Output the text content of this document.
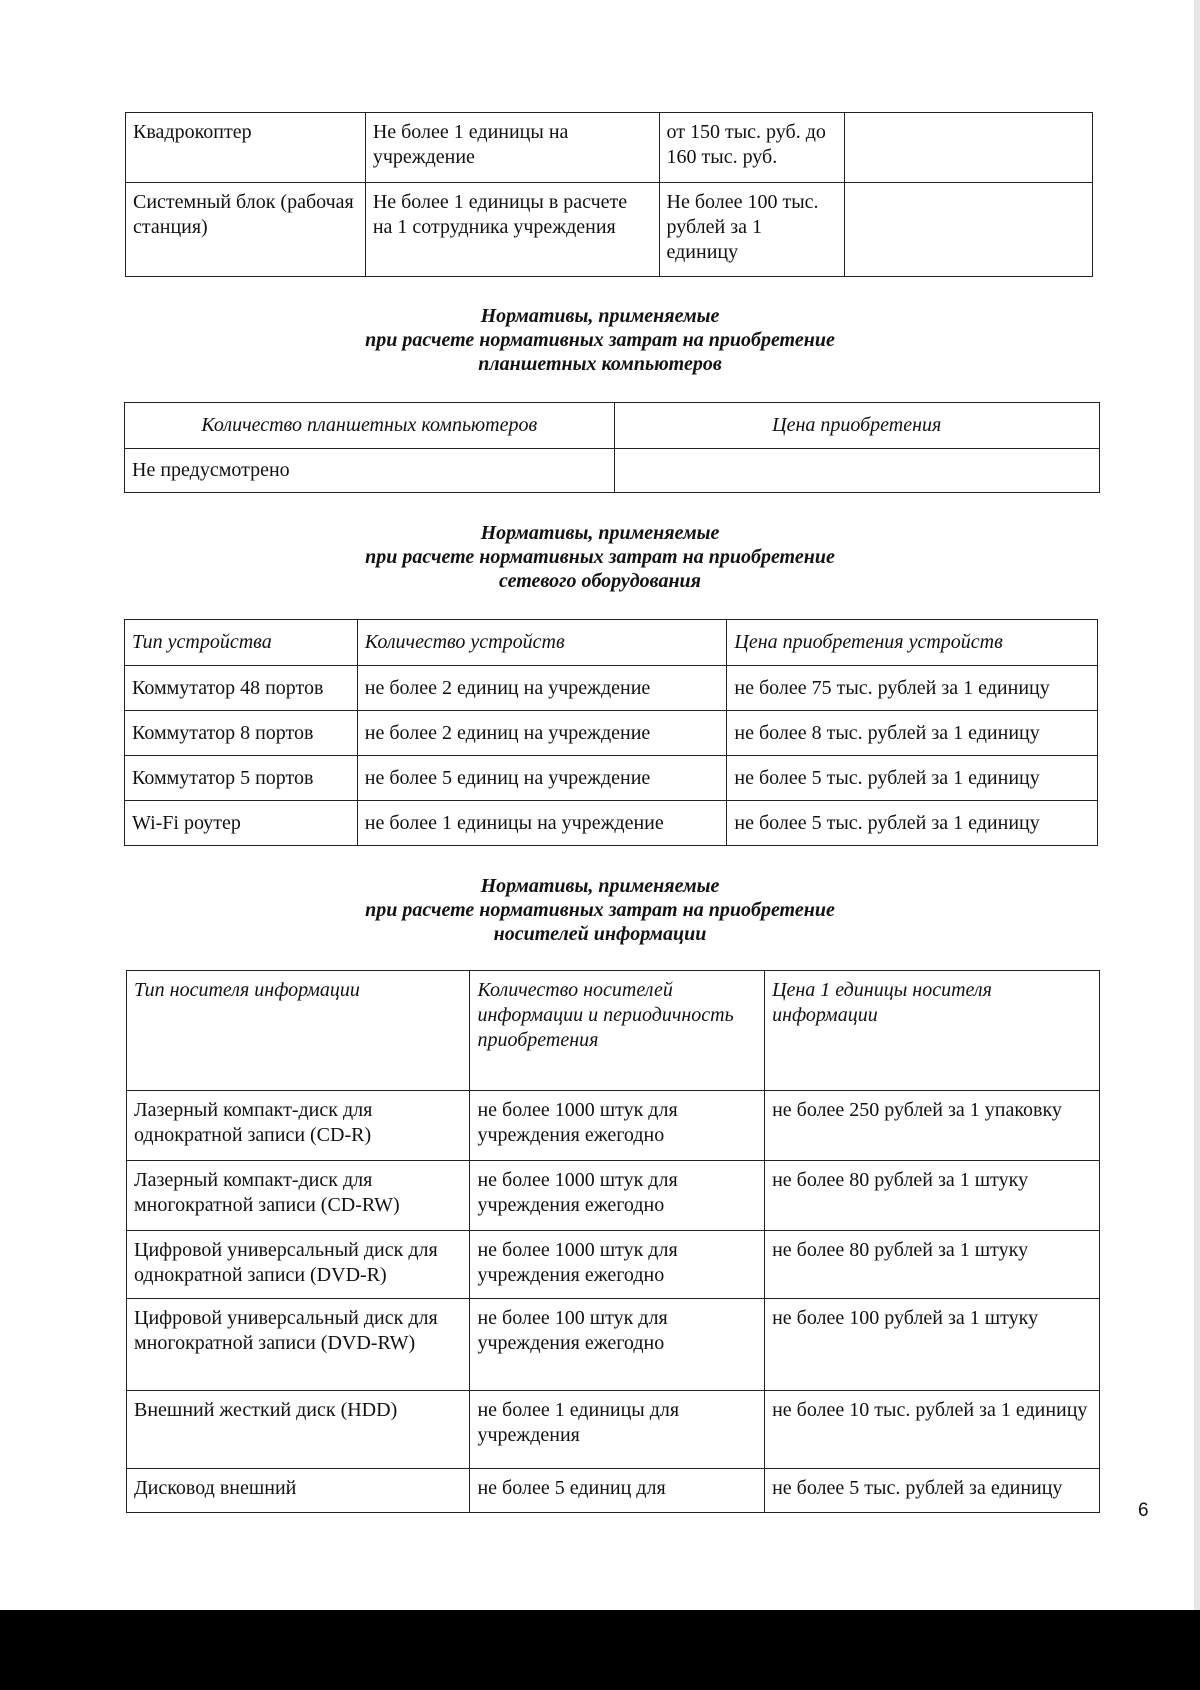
Квадрокоптер	Не более 1 единицы на учреждение	от 150 тыс. руб. до 160 тыс. руб.	
Системный блок (рабочая станция)	Не более 1 единицы в расчете на 1 сотрудника учреждения	Не более 100 тыс. рублей за 1 единицу	
Нормативы, применяемые
при расчете нормативных затрат на приобретение
планшетных компьютеров
Количество планшетных компьютеров	Цена приобретения
Не предусмотрено	
Нормативы, применяемые
при расчете нормативных затрат на приобретение
сетевого оборудования
Тип устройства	Количество устройств	Цена приобретения устройств
Коммутатор 48 портов	не более 2 единиц на учреждение	не более 75 тыс. рублей за 1 единицу
Коммутатор 8 портов	не более 2 единиц на учреждение	не более 8 тыс. рублей за 1 единицу
Коммутатор 5 портов	не более 5 единиц на учреждение	не более 5 тыс. рублей за 1 единицу
Wi-Fi роутер	не более 1 единицы на учреждение	не более 5 тыс. рублей за 1 единицу
Нормативы, применяемые
при расчете нормативных затрат на приобретение
носителей информации
Тип носителя информации	Количество носителей информации и периодичность приобретения	Цена 1 единицы носителя информации
Лазерный компакт-диск для однократной записи (CD-R)	не более 1000 штук для учреждения ежегодно	не более 250 рублей за 1 упаковку
Лазерный компакт-диск для многократной записи (CD-RW)	не более 1000 штук для учреждения ежегодно	не более 80 рублей за 1 штуку
Цифровой универсальный диск для однократной записи (DVD-R)	не более 1000 штук для учреждения ежегодно	не более 80 рублей за 1 штуку
Цифровой универсальный диск для многократной записи (DVD-RW)	не более 100 штук для учреждения ежегодно	не более 100 рублей за 1 штуку
Внешний жесткий диск (HDD)	не более 1 единицы для учреждения	не более 10 тыс. рублей за 1 единицу
Дисковод внешний	не более 5 единиц для	не более 5 тыс. рублей за единицу
6
